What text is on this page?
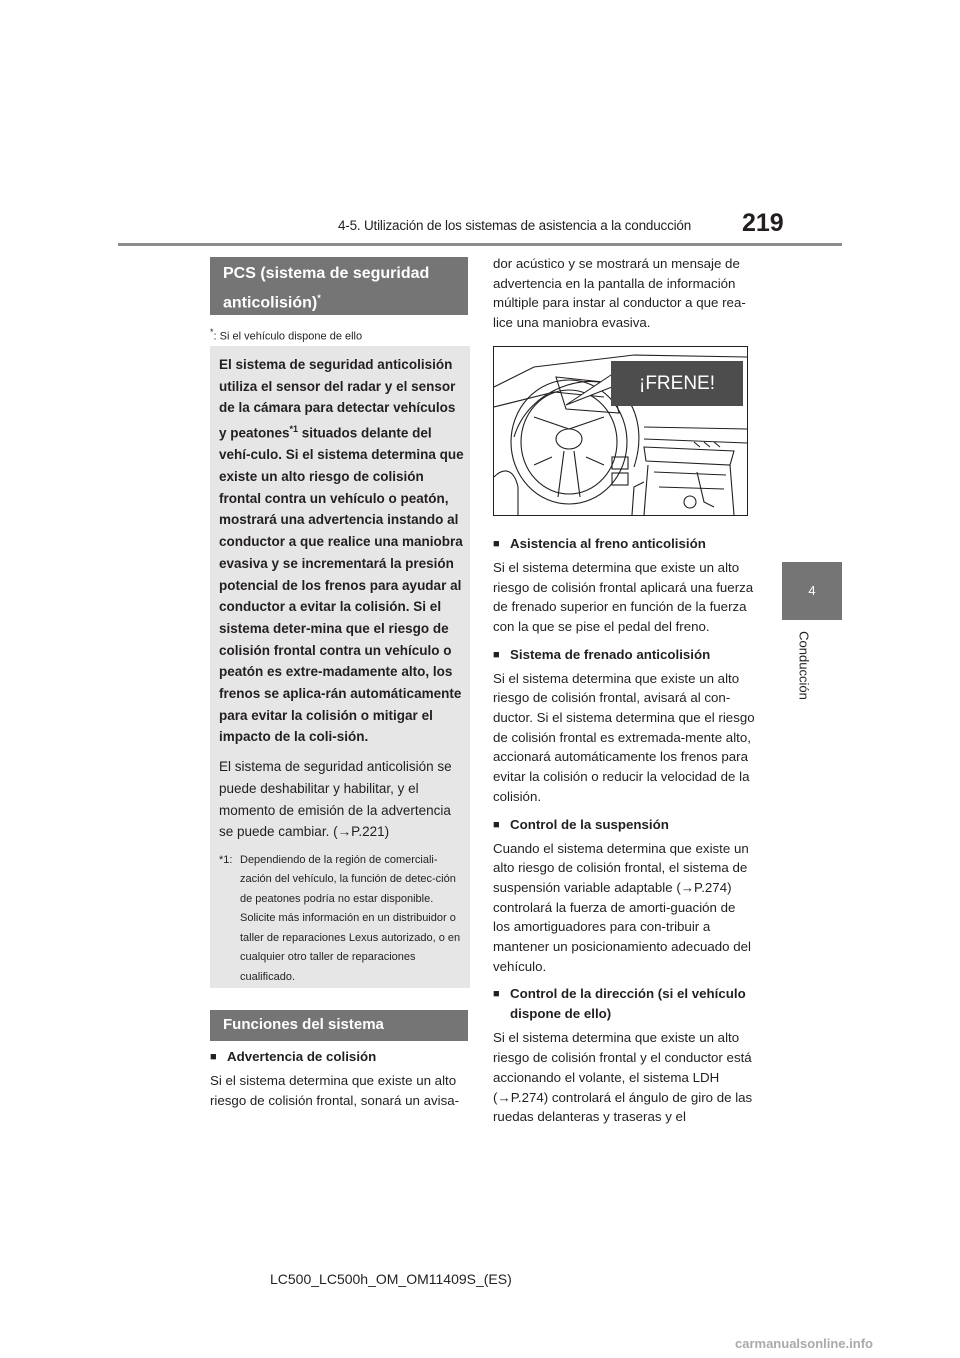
4-5. Utilización de los sistemas de asistencia a la conducción 219
4
Conducción
PCS (sistema de seguridad
anticolisión)*
*: Si el vehículo dispone de ello

El sistema de seguridad anticolisión utiliza el sensor del radar y el sensor de la cámara para detectar vehículos y peatones$^{*1}$ situados delante del vehí-culo. Si el sistema determina que existe un alto riesgo de colisión frontal contra un vehículo o peatón, mostrará una advertencia instando al conductor a que realice una maniobra evasiva y se incrementará la presión potencial de los frenos para ayudar al conductor a evitar la colisión. Si el sistema deter-mina que el riesgo de colisión frontal contra un vehículo o peatón es extre-madamente alto, los frenos se aplica-rán automáticamente para evitar la colisión o mitigar el impacto de la coli-sión.

El sistema de seguridad anticolisión se puede deshabilitar y habilitar, y el momento de emisión de la advertencia se puede cambiar. (→P.221)

*1: Dependiendo de la región de comerciali-zación del vehículo, la función de detec-ción de peatones podría no estar disponible. Solicite más información en un distribuidor o taller de reparaciones Lexus autorizado, o en cualquier otro taller de reparaciones cualificado.
Funciones del sistema
■ Advertencia de colisión

Si el sistema determina que existe un alto riesgo de colisión frontal, sonará un avisa-

dor acústico y se mostrará un mensaje de advertencia en la pantalla de información múltiple para instar al conductor a que rea-lice una maniobra evasiva.

■ Asistencia al freno anticolisión

Si el sistema determina que existe un alto riesgo de colisión frontal aplicará una fuerza de frenado superior en función de la fuerza con la que se pise el pedal del freno.

■ Sistema de frenado anticolisión

Si el sistema determina que existe un alto riesgo de colisión frontal, avisará al con-ductor. Si el sistema determina que el riesgo de colisión frontal es extremada-mente alto, accionará automáticamente los frenos para evitar la colisión o reducir la velocidad de la colisión.

■ Control de la suspensión

Cuando el sistema determina que existe un alto riesgo de colisión frontal, el sistema de suspensión variable adaptable (→P.274) controlará la fuerza de amorti-guación de los amortiguadores para con-tribuir a mantener un posicionamiento adecuado del vehículo.

■ Control de la dirección (si el vehículo dispone de ello)

Si el sistema determina que existe un alto riesgo de colisión frontal y el conductor está accionando el volante, el sistema LDH (→P.274) controlará el ángulo de giro de las ruedas delanteras y traseras y el

¡FRENE!
LC500_LC500h_OM_OM11409S_(ES)
carmanualsonline.info
